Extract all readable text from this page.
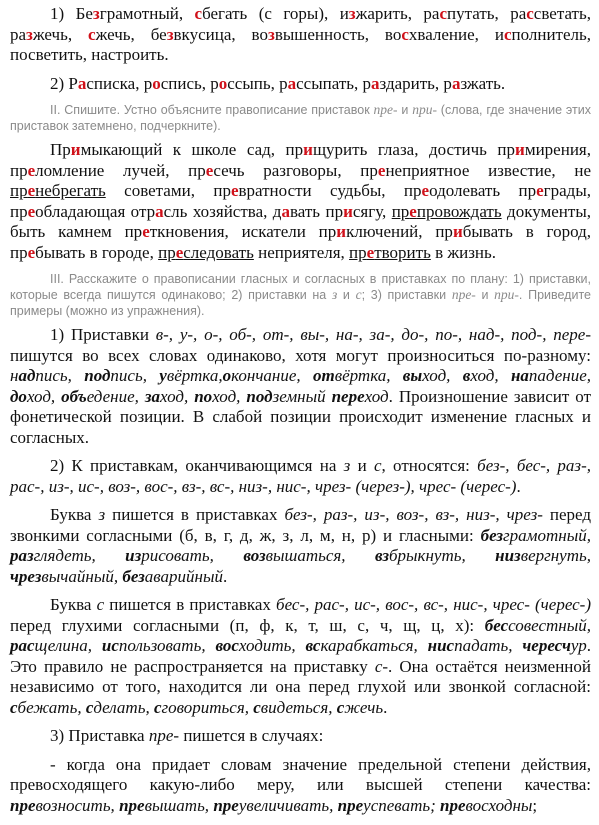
1) Безграмотный, сбегать (с горы), изжарить, распутать, рассветать, разжечь, сжечь, безвкусица, возвышенность, восхваление, исполнитель, посветить, настроить.

2) Расписка, роспись, россыпь, рассыпать, раздарить, разжать.

II. Спишите. Устно объясните правописание приставок пре- и при- (слова, где значение этих приставок затемнено, подчеркните).

Примыкающий к школе сад, прищурить глаза, достичь примирения, преломление лучей, пресечь разговоры, пренеприятное известие, не пренебрегать советами, превратности судьбы, преодолевать преграды, преобладающая отрасль хозяйства, давать присягу, препровождать документы, быть камнем преткновения, искатели приключений, прибывать в город, пребывать в городе, преследовать неприятеля, претворить в жизнь.

III. Расскажите о правописании гласных и согласных в приставках по плану: 1) приставки, которые всегда пишутся одинаково; 2) приставки на з и с; 3) приставки пре- и при-. Приведите примеры (можно из упражнения).

1) Приставки в-, у-, о-, об-, от-, вы-, на-, за-, до-, по-, над-, под-, пере- пишутся во всех словах одинаково, хотя могут произноситься по-разному: надпись, подпись, увёртка,окончание, отвёртка, выход, вход, нападение, доход, объедение, заход, поход, подземный переход. Произношение зависит от фонетической позиции. В слабой позиции происходит изменение гласных и согласных.

2) К приставкам, оканчивающимся на з и с, относятся: без-, бес-, раз-, рас-, из-, ис-, воз-, вос-, вз-, вс-, низ-, нис-, чрез- (через-), чрес- (черес-).

Буква з пишется в приставках без-, раз-, из-, воз-, вз-, низ-, чрез- перед звонкими согласными (б, в, г, д, ж, з, л, м, н, р) и гласными: безграмотный, разглядеть, изрисовать, возвышаться, взбрыкнуть, низвергнуть, чрезвычайный, безаварийный.

Буква с пишется в приставках бес-, рас-, ис-, вос-, вс-, нис-, чрес- (черес-) перед глухими согласными (п, ф, к, т, ш, с, ч, щ, ц, х): бессовестный, расщелина, использовать, восходить, вскарабкаться, ниспадать, чересчур. Это правило не распространяется на приставку с-. Она остаётся неизменной независимо от того, находится ли она перед глухой или звонкой согласной: сбежать, сделать, сговориться, свидеться, сжечь.

3) Приставка пре- пишется в случаях:

- когда она придает словам значение предельной степени действия, превосходящего какую-либо меру, или высшей степени качества: превозносить, превышать, преувеличивать, преуспевать; превосходны;
